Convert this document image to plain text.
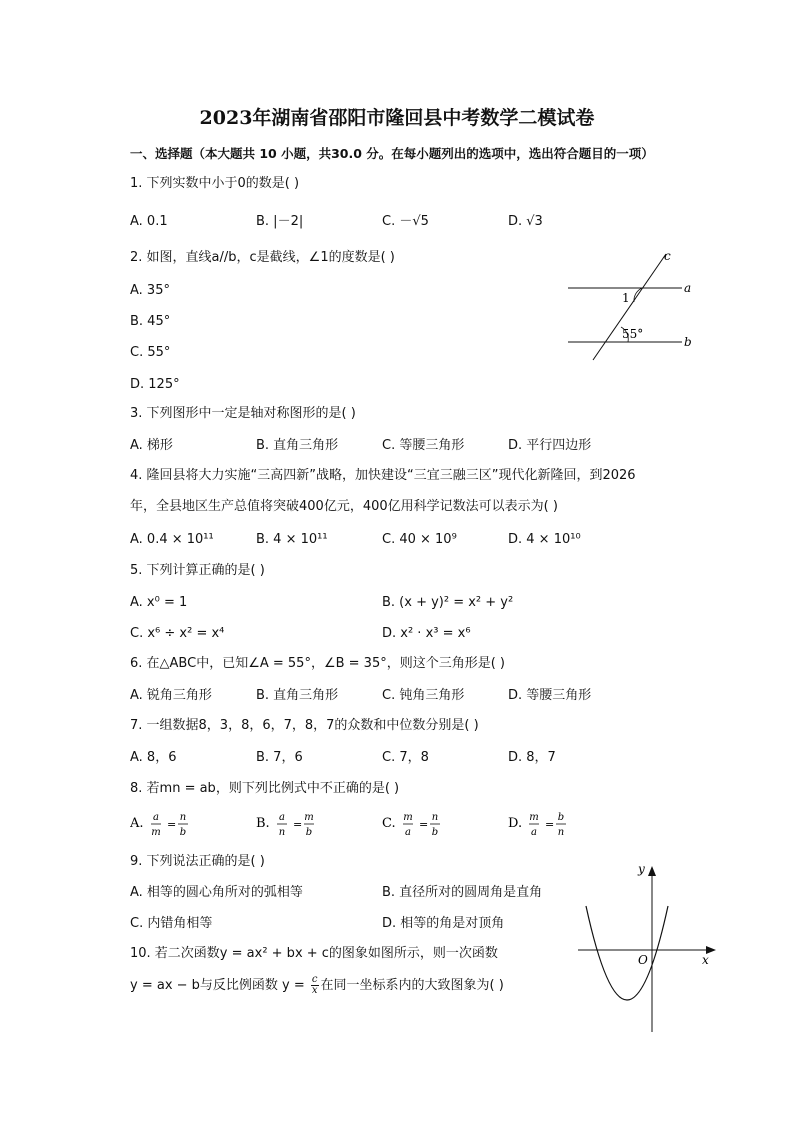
2023年湖南省邵阳市隆回县中考数学二模试卷
一、选择题（本大题共 10 小题，共30.0 分。在每小题列出的选项中，选出符合题目的一项）
1. 下列实数中小于0的数是( )
A. 0.1	B. |－2|	C. －√5	D. √3
2. 如图，直线a//b，c是截线，∠1的度数是( )
A. 35°
B. 45°
C. 55°
D. 125°
c
a
b
1
55°
3. 下列图形中一定是轴对称图形的是( )
A. 梯形	B. 直角三角形	C. 等腰三角形	D. 平行四边形
4. 隆回县将大力实施“三高四新”战略，加快建设“三宜三融三区”现代化新隆回，到2026
年，全县地区生产总值将突破400亿元，400亿用科学记数法可以表示为( )
A. 0.4 × 10¹¹	B. 4 × 10¹¹	C. 40 × 10⁹	D. 4 × 10¹⁰
5. 下列计算正确的是( )
A. x⁰ = 1	B. (x + y)² = x² + y²
C. x⁶ ÷ x² = x⁴	D. x² · x³ = x⁶
6. 在△ABC中，已知∠A = 55°，∠B = 35°，则这个三角形是( )
A. 锐角三角形	B. 直角三角形	C. 钝角三角形	D. 等腰三角形
7. 一组数据8，3，8，6，7，8，7的众数和中位数分别是( )
A. 8，6	B. 7，6	C. 7，8	D. 8，7
8. 若mn = ab，则下列比例式中不正确的是( )
A. a
m
=
n
b
B. a
n
=
m
b
C. m
a
=
n
b
D. m
a
=
b
n
9. 下列说法正确的是( )
A. 相等的圆心角所对的弧相等	B. 直径所对的圆周角是直角
C. 内错角相等	D. 相等的角是对顶角
10. 若二次函数y = ax² + bx + c的图象如图所示，则一次函数
y = ax − b与反比例函数 $y = \frac{c}{x}$ 在同一坐标系内的大致图象为( )
x
y
O
